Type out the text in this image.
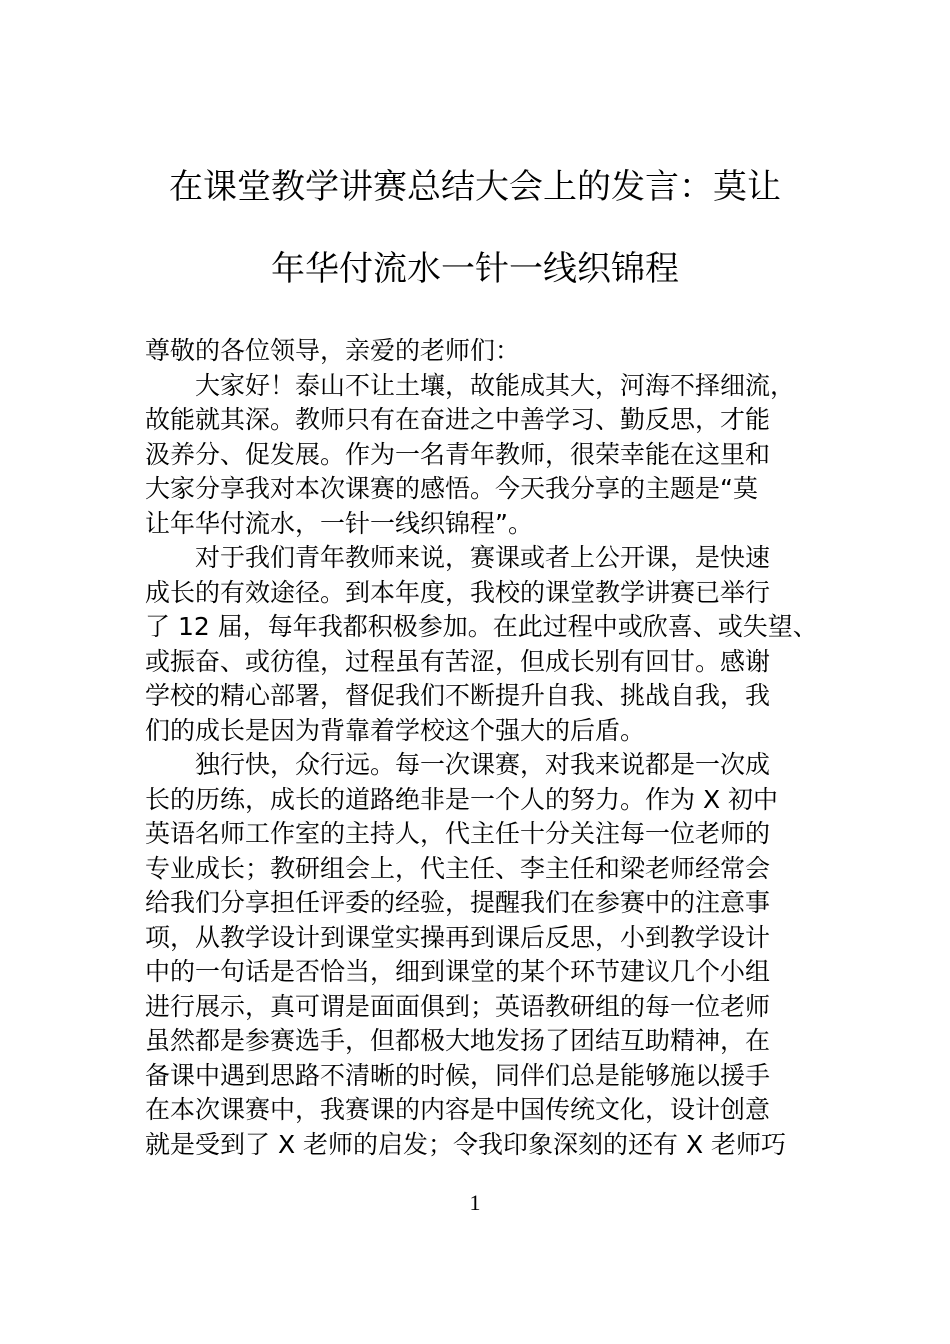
在课堂教学讲赛总结大会上的发言：莫让
年华付流水一针一线织锦程
尊敬的各位领导，亲爱的老师们：
大家好！泰山不让土壤，故能成其大，河海不择细流，
故能就其深。教师只有在奋进之中善学习、勤反思，才能
汲养分、促发展。作为一名青年教师，很荣幸能在这里和
大家分享我对本次课赛的感悟。今天我分享的主题是“莫
让年华付流水，一针一线织锦程”。
对于我们青年教师来说，赛课或者上公开课，是快速
成长的有效途径。到本年度，我校的课堂教学讲赛已举行
了 12 届，每年我都积极参加。在此过程中或欣喜、或失望、
或振奋、或彷徨，过程虽有苦涩，但成长别有回甘。感谢
学校的精心部署，督促我们不断提升自我、挑战自我，我
们的成长是因为背靠着学校这个强大的后盾。
独行快，众行远。每一次课赛，对我来说都是一次成
长的历练，成长的道路绝非是一个人的努力。作为 X 初中
英语名师工作室的主持人，代主任十分关注每一位老师的
专业成长；教研组会上，代主任、李主任和梁老师经常会
给我们分享担任评委的经验，提醒我们在参赛中的注意事
项，从教学设计到课堂实操再到课后反思，小到教学设计
中的一句话是否恰当，细到课堂的某个环节建议几个小组
进行展示，真可谓是面面俱到；英语教研组的每一位老师
虽然都是参赛选手，但都极大地发扬了团结互助精神，在
备课中遇到思路不清晰的时候，同伴们总是能够施以援手
在本次课赛中，我赛课的内容是中国传统文化，设计创意
就是受到了 X 老师的启发；令我印象深刻的还有 X 老师巧
1
